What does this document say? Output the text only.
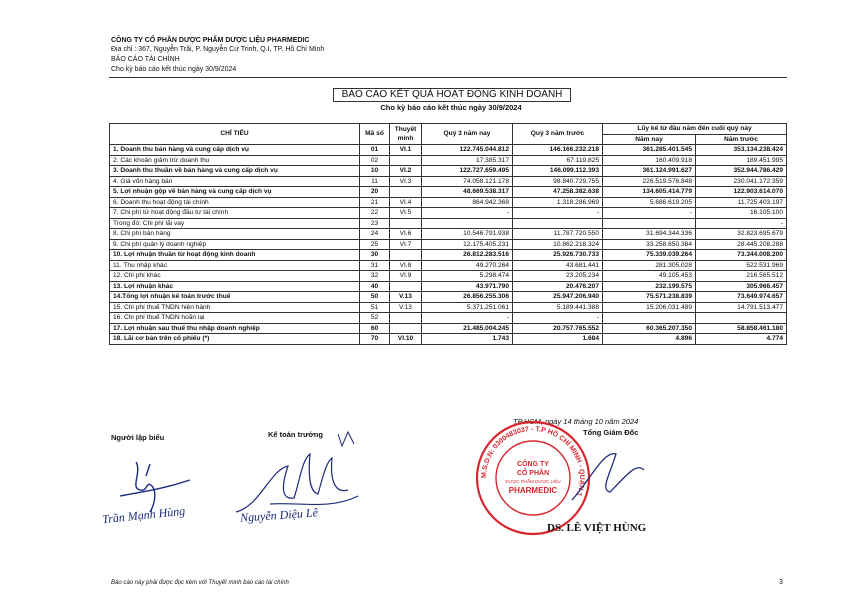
CÔNG TY CỔ PHẦN DƯỢC PHẨM DƯỢC LIỆU PHARMEDIC
Địa chỉ : 367, Nguyễn Trãi, P. Nguyễn Cư Trinh, Q.I, TP. Hồ Chí Minh
BÁO CÁO TÀI CHÍNH
Cho kỳ báo cáo kết thúc ngày 30/9/2024
BÁO CÁO KẾT QUẢ HOẠT ĐỘNG KINH DOANH
Cho kỳ báo cáo kết thúc ngày 30/9/2024
CHỈ TIÊU	Mã số	Thuyết minh	Quý 3 năm nay	Quý 3 năm trước	Lũy kế từ đầu năm đến cuối quý này	
					Năm nay	Năm trước
1. Doanh thu bán hàng và cung cấp dịch vụ	01	VI.1	122.745.044.812	146.166.232.218	361.285.401.545	353.134.238.424
2. Các khoản giảm trừ doanh thu	02		17.385.317	67.119.825	160.409.918	189.451.995
3. Doanh thu thuần về bán hàng và cung cấp dịch vụ	10	VI.2	122.727.659.495	146.099.112.393	361.124.991.627	352.944.786.429
4. Giá vốn hàng bán	11	VI.3	74.058.121.178	98.840.729.755	226.519.576.848	230.041.172.359
5. Lợi nhuận gộp về bán hàng và cung cấp dịch vụ	20		48.669.538.317	47.258.382.638	134.605.414.779	122.903.614.070
6. Doanh thu hoạt động tài chính	21	VI.4	864.942.368	1.318.286.969	5.686.619.205	11.725.403.197
7. Chi phí từ hoạt động đầu tư tài chính	22	VI.5	-	-	-	16.105.100
Trong đó: Chi phí lãi vay	23					-
8. Chi phí bán hàng	24	VI.6	10.546.791.938	11.787.720.550	31.694.344.336	32.823.695.679
9. Chi phí quản lý doanh nghiệp	25	VI.7	12.175.405.231	10.862.218.324	33.258.650.384	28.445.208.288
10. Lợi nhuận thuần từ hoạt động kinh doanh	30		26.812.283.516	25.926.730.733	75.339.039.264	73.344.008.200
11. Thu nhập khác	31	VI.8	49.270.264	43.681.441	281.305.028	522.531.969
12. Chi phí khác	32	VI.9	5.298.474	23.205.234	49.105.453	216.565.512
13. Lợi nhuận khác	40		43.971.790	20.476.207	232.199.575	305.966.457
14.Tổng lợi nhuận kế toán trước thuế	50	V.13	26.856.255.306	25.947.206.940	75.571.238.839	73.649.974.657
15. Chi phí thuế TNDN hiện hành	51	V.13	5.371.251.061	5.189.441.388	15.206.031.489	14.791.513.477
16. Chi phí thuế TNDN hoãn lại	52		-	-		
17. Lợi nhuận sau thuế thu nhập doanh nghiệp	60		21.485.004.245	20.757.765.552	60.365.207.350	58.858.461.180
18. Lãi cơ bản trên cổ phiếu (*)	70	VI.10	1.743	1.684	4.896	4.774
Người lập biểu	Kế toán trưởng
TP.HCM, ngày 14 tháng 10 năm 2024
Tổng Giám Đốc
Trần Mạnh Hùng	Nguyễn Diệu Lê
M.S.D.N: 0300483037 - T.P HỒ CHÍ MINH - QUẬN 1
CÔNG TY
CỔ PHẦN
DƯỢC PHẨM DƯỢC LIỆU
PHARMEDIC
DS. LÊ VIỆT HÙNG
Báo cáo này phải được đọc kèm với Thuyết minh báo cáo tài chính	3
